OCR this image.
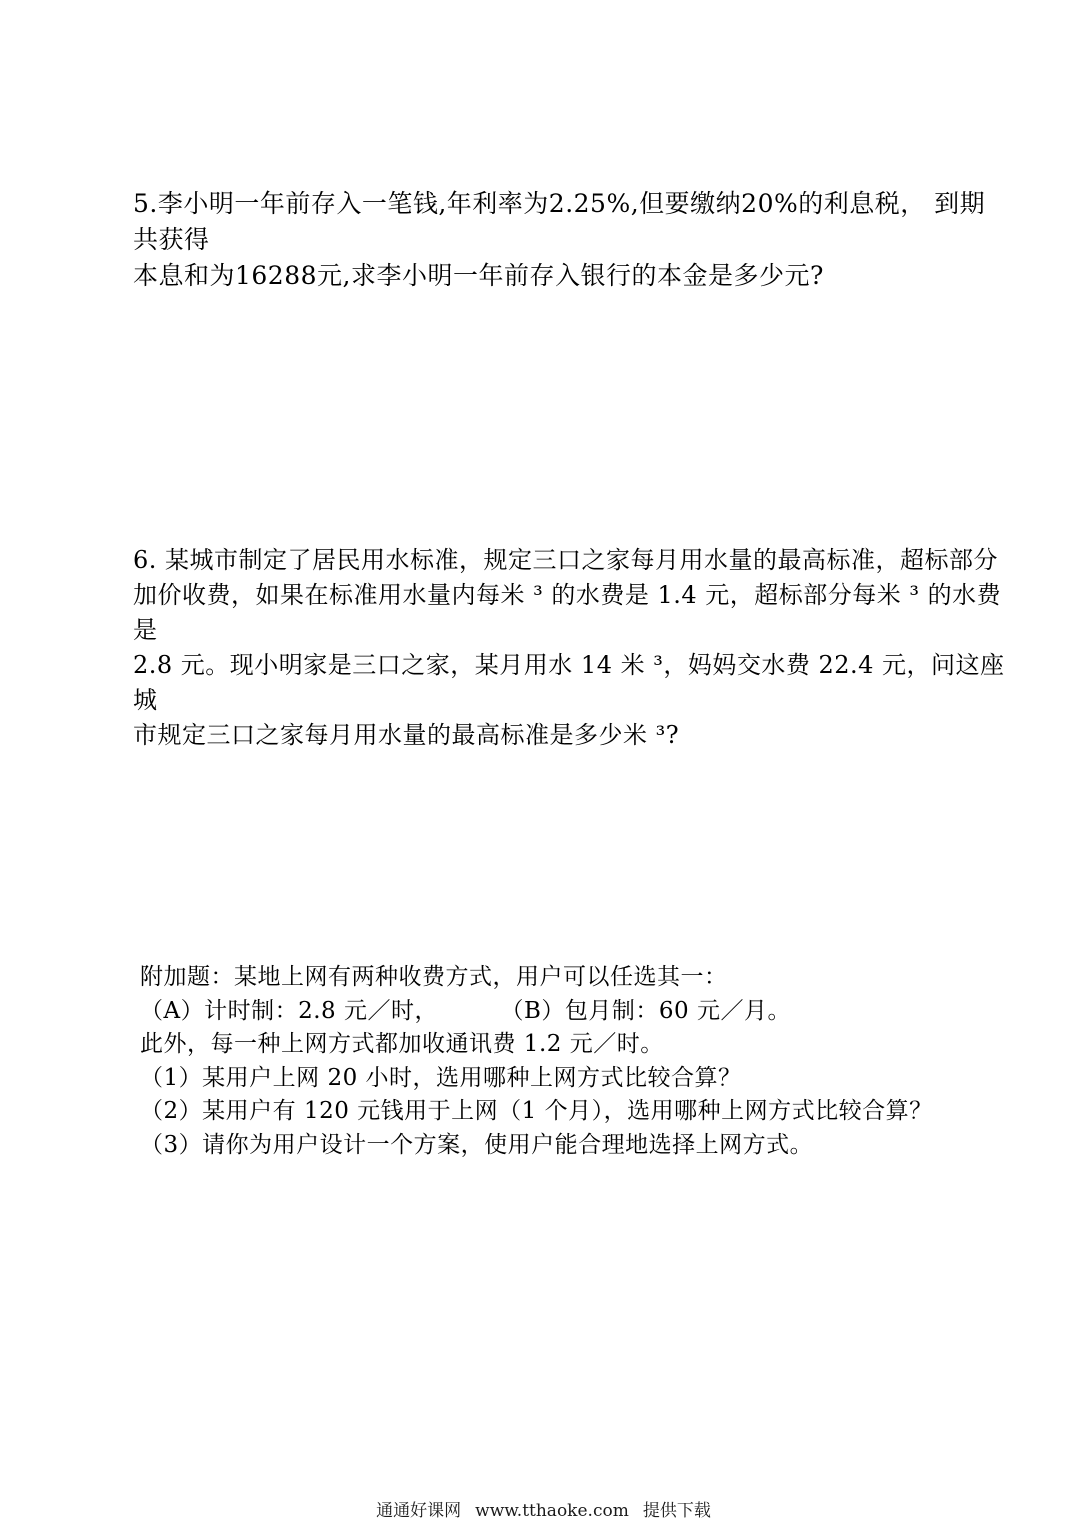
5.李小明一年前存入一笔钱,年利率为2.25%,但要缴纳20%的利息税， 到期共获得
本息和为16288元,求李小明一年前存入银行的本金是多少元?
6. 某城市制定了居民用水标准，规定三口之家每月用水量的最高标准，超标部分
加价收费，如果在标准用水量内每米 ³ 的水费是 1.4 元，超标部分每米 ³ 的水费是
2.8 元。现小明家是三口之家，某月用水 14 米 ³，妈妈交水费 22.4 元，问这座城
市规定三口之家每月用水量的最高标准是多少米 ³?
附加题：某地上网有两种收费方式，用户可以任选其一：
（A）计时制：2.8 元／时，        （B）包月制：60 元／月。
此外，每一种上网方式都加收通讯费 1.2 元／时。
（1）某用户上网 20 小时，选用哪种上网方式比较合算？
（2）某用户有 120 元钱用于上网（1 个月），选用哪种上网方式比较合算？
（3）请你为用户设计一个方案，使用户能合理地选择上网方式。
通通好课网 www.tthaoke.com 提供下载
